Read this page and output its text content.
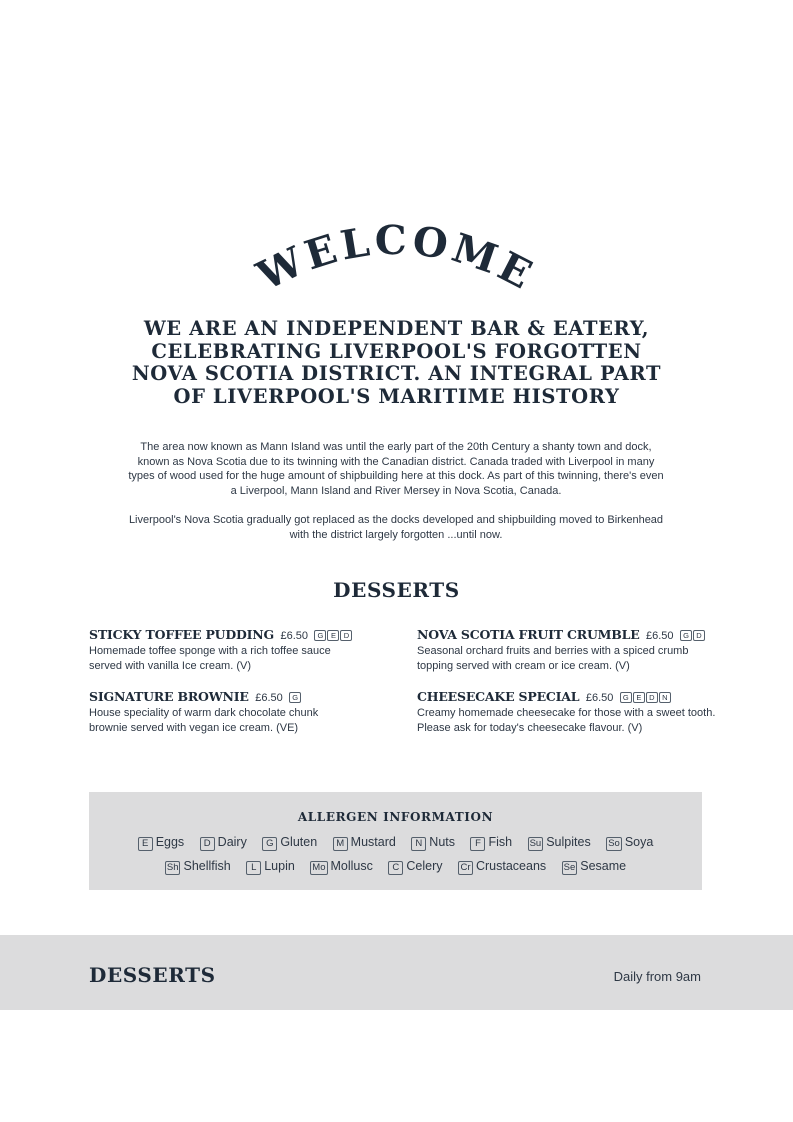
WELCOME
WE ARE AN INDEPENDENT BAR & EATERY,
CELEBRATING LIVERPOOL'S FORGOTTEN
NOVA SCOTIA DISTRICT. AN INTEGRAL PART
OF LIVERPOOL'S MARITIME HISTORY

The area now known as Mann Island was until the early part of the 20th Century a shanty town and dock, known as Nova Scotia due to its twinning with the Canadian district. Canada traded with Liverpool in many types of wood used for the huge amount of shipbuilding here at this dock. As part of this twinning, there's even a Liverpool, Mann Island and River Mersey in Nova Scotia, Canada.

Liverpool's Nova Scotia gradually got replaced as the docks developed and shipbuilding moved to Birkenhead with the district largely forgotten ...until now.

DESSERTS
STICKY TOFFEE PUDDING £6.50 G E D

Homemade toffee sponge with a rich toffee sauce served with vanilla Ice cream. (V)

NOVA SCOTIA FRUIT CRUMBLE £6.50 G D

Seasonal orchard fruits and berries with a spiced crumb topping served with cream or ice cream. (V)

SIGNATURE BROWNIE £6.50 G

House speciality of warm dark chocolate chunk brownie served with vegan ice cream. (VE)

CHEESECAKE SPECIAL £6.50 G E D N

Creamy homemade cheesecake for those with a sweet tooth. Please ask for today's cheesecake flavour. (V)

ALLERGEN INFORMATION
E Eggs D Dairy G Gluten M Mustard N Nuts F Fish Su Sulpites So Soya
Sh Shellfish L Lupin Mo Mollusc C Celery Cr Crustaceans Se Sesame
DESSERTS	Daily from 9am
